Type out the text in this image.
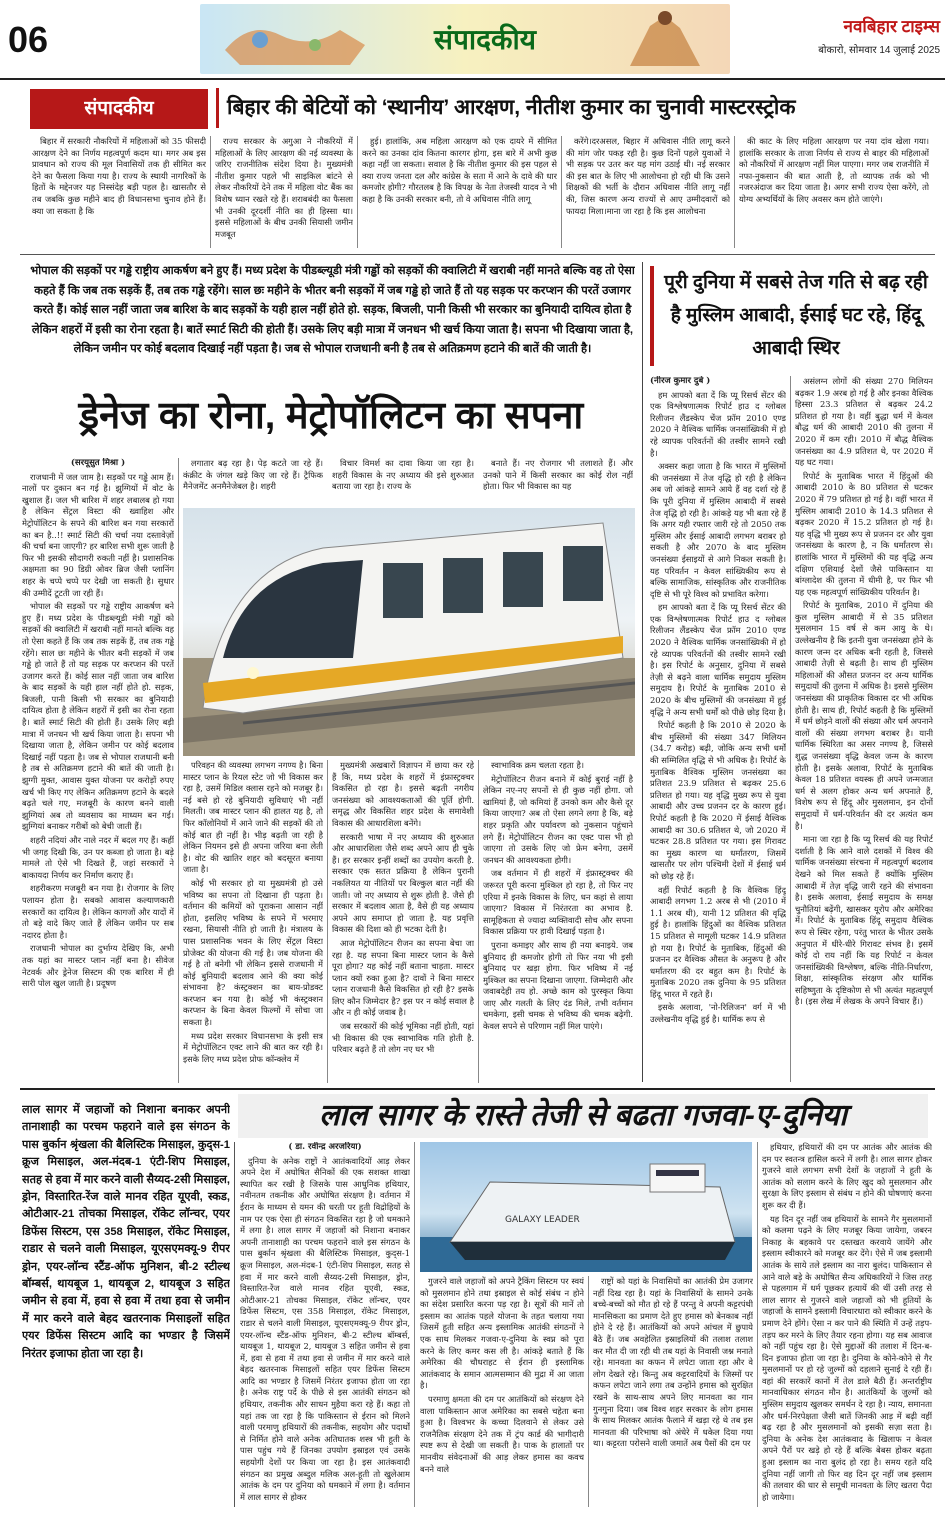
06	संपादकीय	नवबिहार टाइम्स
बोकारो, सोमवार 14 जुलाई 2025
संपादकीय	बिहार की बेटियों को ‘स्थानीय’ आरक्षण, नीतीश कुमार का चुनावी मास्टरस्ट्रोक

बिहार में सरकारी नौकरियों में महिलाओं को 35 फीसदी आरक्षण देने का निर्णय महत्वपूर्ण कदम था। मगर अब इस प्रावधान को राज्य की मूल निवासियों तक ही सीमित कर देने का फैसला किया गया है। राज्य के स्थायी नागरिकों के हितों के मद्देनजर यह निस्संदेह बड़ी पहल है। खासतौर से तब जबकि कुछ महीने बाद ही विधानसभा चुनाव होने हैं।क्या जा सकता है कि

राज्य सरकार के अगुआ ने नौकरियों में महिलाओं के लिए आरक्षण की नई व्यवस्था के जरिए राजनीतिक संदेश दिया है। मुख्यमंत्री नीतीश कुमार पहले भी साइकिल बांटने से लेकर नौकरियों देने तक में महिला वोट बैंक का विशेष ध्यान रखते रहे हैं। शराबबंदी का फैसला भी उनकी दूरदर्शी नीति का ही हिस्सा था। इससे महिलाओं के बीच उनकी सियासी जमीन मजबूत

हुई। हालांकि, अब महिला आरक्षण को एक दायरे में सीमित करने का उनका दांव कितना कारगर होगा, इस बारे में अभी कुछ कहा नहीं जा सकता। सवाल है कि नीतीश कुमार की इस पहल से क्या राज्य जनता दल और कांग्रेस के सता में आने के दावे की धार कमजोर होगी? गौरतलब है कि विपक्ष के नेता तेजस्वी यादव ने भी कहा है कि उनकी सरकार बनी, तो वे अधिवास नीति लागू

करेंगे।दरअसल, बिहार में अधिवास नीति लागू करने की मांग जोर पकड़ रही है। कुछ दिनों पहले युवाओं ने भी सड़क पर उतर कर यह मांग उठाई थी। नई सरकार की इस बात के लिए भी आलोचना हो रही थी कि उसने शिक्षकों की भर्ती के दौरान अधिवास नीति लागू नहीं की, जिस कारण अन्य राज्यों से आए उम्मीदवारों को फायदा मिला।माना जा रहा है कि इस आलोचना

की काट के लिए महिला आरक्षण पर नया दांव खेला गया। हालांकि सरकार के ताजा निर्णय से राज्य से बाहर की महिलाओं को नौकरियों में आरक्षण नहीं मिल पाएगा। मगर जब राजनीति में नफा-नुकसान की बात आती है, तो व्यापक तर्क को भी नजरअंदाज कर दिया जाता है। अगर सभी राज्य ऐसा करेंगे, तो योग्य अभ्यर्थियों के लिए अवसर कम होते जाएंगे।

भोपाल की सड़कों पर गड्ढे राष्ट्रीय आकर्षण बने हुए हैं। मध्य प्रदेश के पीडब्ल्यूडी मंत्री गड्ढों को सड़कों की क्वालिटी में खराबी नहीं मानते बल्कि वह तो ऐसा कहते हैं कि जब तक सड़कें हैं, तब तक गड्ढे रहेंगे। साल छः महीने के भीतर बनी सड़कों में जब गड्ढे हो जाते हैं तो यह सड़क पर करप्शन की परतें उजागर करते हैं। कोई साल नहीं जाता जब बारिश के बाद सड़कों के यही हाल नहीं होते हो. सड़क, बिजली, पानी किसी भी सरकार का बुनियादी दायित्व होता है लेकिन शहरों में इसी का रोना रहता है। बातें स्मार्ट सिटी की होती हैं। उसके लिए बड़ी मात्रा में जनधन भी खर्च किया जाता है। सपना भी दिखाया जाता है, लेकिन जमीन पर कोई बदलाव दिखाई नहीं पड़ता है। जब से भोपाल राजधानी बनी है तब से अतिक्रमण हटाने की बातें की जाती है।
ड्रेनेज का रोना, मेट्रोपॉलिटन का सपना
(सरयूसुत मिश्रा )

राजधानी में जल जाम है। सड़कों पर गड्ढे आम हैं। नालों पर दुकान बन गई है। झुग्गियों में वोट के खुशाल हैं। जल भी बारिश में शहर लबालब हो गया है लेकिन सेंट्रल विस्टा की ख्वाहिश और मेट्रोपॉलिटन के सपने की बारिश बन गया सरकारों का बन है..!! स्मार्ट सिटी की चर्चा नया दस्तावेज़ों की चर्चा बना जाएगी? हर बारिश सभी शुरू जाती है फिर भी इसकी सौदागरी रुकती नहीं है। प्रशासनिक अक्षमता का 90 डिग्री ओवर ब्रिज जैसी प्लानिंग शहर के चप्पे चप्पे पर देखी जा सकती है। सुधार की उम्मीदें टूटती जा रही हैं।

भोपाल की सड़कों पर गड्ढे राष्ट्रीय आकर्षण बने हुए हैं। मध्य प्रदेश के पीडब्ल्यूडी मंत्री गड्ढों को सड़कों की क्वालिटी में खराबी नहीं मानते बल्कि वह तो ऐसा कहते हैं कि जब तक सड़कें हैं, तब तक गड्ढे रहेंगे। साल छः महीने के भीतर बनी सड़कों में जब गड्ढे हो जाते हैं तो यह सड़क पर करप्शन की परतें उजागर करते हैं। कोई साल नहीं जाता जब बारिश के बाद सड़कों के यही हाल नहीं होते हो. सड़क, बिजली, पानी किसी भी सरकार का बुनियादी दायित्व होता है लेकिन शहरों में इसी का रोना रहता है। बातें स्मार्ट सिटी की होती हैं। उसके लिए बड़ी मात्रा में जनधन भी खर्च किया जाता है। सपना भी दिखाया जाता है, लेकिन जमीन पर कोई बदलाव दिखाई नहीं पड़ता है। जब से भोपाल राजधानी बनी है तब से अतिक्रमण हटाने की बातें की जाती है। झुग्गी मुक्त, आवास युक्त योजना पर करोड़ों रुपए खर्च भी किए गए लेकिन अतिक्रमण हटाने के बदले बढ़ते चले गए, मजबूरी के कारण बनने वाली झुग्गियां अब तो व्यवसाय का माध्यम बन गई। झुग्गियां बनाकर गरीबों को बेची जाती हैं।

शहरी नदियां और नाले नदर में बदल गए हैं। कहीं भी जगह दिखी कि, उन पर कब्जा हो जाता है। बड़े मामले तो ऐसे भी दिखते हैं, जहां सरकारों ने बाकायदा निर्णय कर निर्माण कराए हैं।

शहरीकरण मजबूरी बन गया है। रोजगार के लिए पलायन होता है। सबको आवास कल्याणकारी सरकारों का दायित्व है। लेकिन कागजों और यादों में तो बड़े वादे किए जाते हैं लेकिन जमीन पर सब नदारद होता है।

राजधानी भोपाल का दुर्भाग्य देखिए कि, अभी तक यहां का मास्टर प्लान नहीं बना है। सीवेज नेटवर्क और ड्रेनेज सिस्टम की एक बारिश में ही सारी पोल खुल जाती है। प्रदूषण

लगातार बढ़ रहा है। पेड़ कटते जा रहे हैं। कंक्रीट के जंगल खड़े किए जा रहे हैं। ट्रैफिक मैनेजमेंट अनमैनेजेबल है। शहरी

विचार विमर्श का दावा किया जा रहा है। शहरी विकास के नए अध्याय की इसे शुरुआत बताया जा रहा है। राज्य के

बनाते हैं। नए रोजगार भी तलाशते हैं। और उनको पाने में किसी सरकार का कोई रोल नहीं होता। फिर भी विकास का यह

परिवहन की व्यवस्था लगभग नगण्य है। बिना मास्टर प्लान के रियल स्टेट जो भी विकास कर रहा है, उसमें मिडिल क्लास रहने को मजबूर है। नई बसे हो रहे बुनियादी सुविधाएं भी नहीं मिलती। जब मास्टर प्लान की हालत यह है, तो फिर कॉलोनियों में आने जाने की सड़कों की तो कोई बात ही नहीं है। भीड़ बढ़ती जा रही है लेकिन नियमन इसे ही अपना जरिया बना लेती है। वोट की खातिर शहर को बदसूरत बनाया जाता है।

कोई भी सरकार हो या मुख्यमंत्री हो उसे भविष्य का सपना तो दिखाना ही पड़ता है। वर्तमान की कमियों को पूराकना आसान नहीं होता, इसलिए भविष्य के सपने में भरमाए रखना, सियासी नीति हो जाती है। मंत्रालय के पास प्रशासनिक भवन के लिए सेंट्रल विस्टा प्रोजेक्ट की योजना की गई है। जब योजना की गई है तो बनेगी भी लेकिन इससे राजधानी में कोई बुनियादी बदलाव आने की क्या कोई संभावना है? कंस्ट्रक्शन का बाय-प्रोडक्ट करप्शन बन गया है। कोई भी कंस्ट्रक्शन करप्शन के बिना केवल फिल्मों में सोचा जा सकता है।

मध्य प्रदेश सरकार विधानसभा के इसी सत्र में मेट्रोपॉलिटन एक्ट लाने की बात कर रही है। इसके लिए मध्य प्रदेश प्रोफ कॉन्क्लेव में

मुख्यमंत्री अखबारों विज्ञापन में छाया कर रहे हैं कि, मध्य प्रदेश के शहरों में इंफ्रास्ट्रक्चर विकसित हो रहा है। इससे बढ़ती नगरीय जनसंख्या को आवश्यकताओं की पूर्ति होगी. समृद्ध और विकसित शहर प्रदेश के समावेशी विकास की आधारशिला बनेंगे।

सरकारी भाषा में नए अध्याय की शुरुआत और आधारशिला जैसे शब्द अपने आप ही चुके हैं। हर सरकार इन्हीं शब्दों का उपयोग करती है. सरकार एक सतत प्रक्रिया है लेकिन पुरानी नकलियत या नीतियों पर बिल्कुल बात नहीं की जाती। जो नए अध्याय से शुरू होती है. जैसे ही सरकार में बदलाव आता है, वैसे ही यह अध्याय अपने आप समाप्त हो जाता है. यह प्रवृत्ति विकास की दिशा को ही भटका देती है।

आज मेट्रोपॉलिटन रीजन का सपना बेचा जा रहा है. यह सपना बिना मास्टर प्लान के कैसे पूरा होगा? यह कोई नहीं बताना चाहता. मास्टर प्लान क्यों रुका हुआ है? दावों ने बिना मास्टर प्लान राजधानी कैसे विकसित हो रही है? इसके लिए कौन जिम्मेदार है? इस पर न कोई सवाल है और न ही कोई जवाब है।

जब सरकारों की कोई भूमिका नहीं होती, यहां भी विकास की एक स्वाभाविक गति होती है. परिवार बढ़ते हैं तो लोग नए घर भी

स्वाभाविक क्रम चलता रहता है।

मेट्रोपॉलिटन रीजन बनाने में कोई बुराई नहीं है लेकिन नए-नए सपनों से ही कुछ नहीं होगा. जो खामियां हैं, जो कमियां हैं उनको कम और कैसे दूर किया जाएगा? अब तो ऐसा लगने लगा है कि, बड़े शहर प्रकृति और पर्यावरण को नुकसान पहुंचाने लगे हैं। मेट्रोपॉलिटन रीजन का एक्ट पास भी हो जाएगा तो उसके लिए जो फ्रेम बनेगा, उसमें जनधन की आवश्यकता होगी।

जब वर्तमान में ही शहरों में इंफ्रास्ट्रक्चर की जरूरत पूरी करना मुश्किल हो रहा है, तो फिर नए एरिया में इनके विकास के लिए, धन कहां से लाया जाएगा? विकास में निरंतरता का अभाव है. सामूहिकता से ज्यादा व्यक्तिवादी सोच और सपना विकास प्रक्रिया पर हावी दिखाई पड़ता है।

पुराना कमाइए और साथ ही नया बनाइये. जब बुनियाद ही कमजोर होगी तो फिर नया भी इसी बुनियाद पर खड़ा होगा. फिर भविष्य में नई मुश्किल का सपना दिखाना जाएगा. जिम्मेदारी और जवाबदेही तय हो. अच्छे काम को पुरस्कृत किया जाए और गलती के लिए दंड मिले, तभी वर्तमान चमकेगा, इसी चमक से भविष्य की चमक बढ़ेगी. केवल सपने से परिणाम नहीं मिल पाएंगे।

पूरी दुनिया में सबसे तेज गति से बढ़ रही है मुस्लिम आबादी, ईसाई घट रहे, हिंदू आबादी स्थिर
(नीरज कुमार दुबे )

हम आपको बता दें कि प्यू रिसर्च सेंटर की एक विश्लेषणात्मक रिपोर्ट हाउ द ग्लोबल रिलीजन लैंडस्केप चेंज फ्रॉम 2010 एण्ड 2020 ने वैश्विक धार्मिक जनसांख्यिकी में हो रहे व्यापक परिवर्तनों की तस्वीर सामने रखी है।

अक्सर कहा जाता है कि भारत में मुस्लिमों की जनसंख्या में तेज वृद्धि हो रही है लेकिन अब जो आंकड़े सामने आये हैं वह दर्शा रहे हैं कि पूरी दुनिया में मुस्लिम आबादी में सबसे तेज वृद्धि हो रही है। आंकड़े यह भी बता रहे हैं कि अगर यही रफ्तार जारी रहे तो 2050 तक मुस्लिम और ईसाई आबादी लगभग बराबर हो सकती है और 2070 के बाद मुस्लिम जनसंख्या ईसाइयों से आगे निकल सकती है। यह परिवर्तन न केवल सांख्यिकीय रूप से बल्कि सामाजिक, सांस्कृतिक और राजनीतिक दृष्टि से भी पूरे विश्व को प्रभावित करेगा।

हम आपको बता दें कि प्यू रिसर्च सेंटर की एक विश्लेषणात्मक रिपोर्ट हाउ द ग्लोबल रिलीजन लैंडस्केप चेंज फ्रॉम 2010 एण्ड 2020 ने वैश्विक धार्मिक जनसांख्यिकी में हो रहे व्यापक परिवर्तनों की तस्वीर सामने रखी है। इस रिपोर्ट के अनुसार, दुनिया में सबसे तेज़ी से बढ़ने वाला धार्मिक समुदाय मुस्लिम समुदाय है। रिपोर्ट के मुताबिक 2010 से 2020 के बीच मुस्लिमों की जनसंख्या में हुई वृद्धि ने अन्य सभी धर्मों को पीछे छोड़ दिया है।

रिपोर्ट कहती है कि 2010 से 2020 के बीच मुस्लिमों की संख्या 347 मिलियन (34.7 करोड़) बढ़ी, जोकि अन्य सभी धर्मों की सम्मिलित वृद्धि से भी अधिक है। रिपोर्ट के मुताबिक वैश्विक मुस्लिम जनसंख्या का प्रतिशत 23.9 प्रतिशत से बढ़कर 25.6 प्रतिशत हो गया। यह वृद्धि मुख्य रूप से युवा आबादी और उच्च प्रजनन दर के कारण हुई। रिपोर्ट कहती है कि 2020 में ईसाई वैश्विक आबादी का 30.6 प्रतिशत थे, जो 2020 में घटकर 28.8 प्रतिशत पर गया। इस गिरावट का मुख्य कारण था धर्मांतरण, जिसमें खासतौर पर लोग पश्चिमी देशों में ईसाई धर्म को छोड़ रहे हैं।

वहीं रिपोर्ट कहती है कि वैश्विक हिंदू आबादी लगभग 1.2 अरब से भी (2010 में 1.1 अरब थी), यानी 12 प्रतिशत की वृद्धि हुई है। हालांकि हिंदुओं का वैश्विक प्रतिशत 15 प्रतिशत से मामूली घटकर 14.9 प्रतिशत हो गया है। रिपोर्ट के मुताबिक, हिंदुओं की प्रजनन दर वैश्विक औसत के अनुरूप है और धर्मांतरण की दर बहुत कम है। रिपोर्ट के मुताबिक 2020 तक दुनिया के 95 प्रतिशत हिंदू भारत में रहते हैं।

इसके अलावा, 'नो-रिलिजन' वर्ग में भी उल्लेखनीय वृद्धि हुई है। धार्मिक रूप से

असंलग्न लोगों की संख्या 270 मिलियन बढ़कर 1.9 अरब हो गई है और इनका वैश्विक हिस्सा 23.3 प्रतिशत से बढ़कर 24.2 प्रतिशत हो गया है। वहीं बुद्धा धर्म में केवल बौद्ध धर्म की आबादी 2010 की तुलना में 2020 में कम रही। 2010 में बौद्ध वैश्विक जनसंख्या का 4.9 प्रतिशत थे, पर 2020 में यह घट गया।

रिपोर्ट के मुताबिक भारत में हिंदुओं की आबादी 2010 के 80 प्रतिशत से घटकर 2020 में 79 प्रतिशत हो गई है। वहीं भारत में मुस्लिम आबादी 2010 के 14.3 प्रतिशत से बढ़कर 2020 में 15.2 प्रतिशत हो गई है। यह वृद्धि भी मुख्य रूप से प्रजनन दर और युवा जनसंख्या के कारण है, न कि धर्मांतरण से। हालांकि भारत में मुस्लिमों की यह वृद्धि अन्य दक्षिण एशियाई देशों जैसे पाकिस्तान या बांग्लादेश की तुलना में धीमी है, पर फिर भी यह एक महत्वपूर्ण सांख्यिकीय परिवर्तन है।

रिपोर्ट के मुताबिक, 2010 में दुनिया की कुल मुस्लिम आबादी में से 35 प्रतिशत मुसलमान 15 वर्ष से कम आयु के थे। उल्लेखनीय है कि इतनी युवा जनसंख्या होने के कारण जन्म दर अधिक बनी रहती है, जिससे आबादी तेज़ी से बढ़ती है। साथ ही मुस्लिम महिलाओं की औसत प्रजनन दर अन्य धार्मिक समुदायों की तुलना में अधिक है। इससे मुस्लिम जनसंख्या की प्राकृतिक विकास दर भी अधिक होती है। साथ ही, रिपोर्ट कहती है कि मुस्लिमों में धर्म छोड़ने वालों की संख्या और धर्म अपनाने वालों की संख्या लगभग बराबर है। यानी धार्मिक स्थिरिता का असर नगण्य है, जिससे शुद्ध जनसंख्या वृद्धि केवल जन्म के कारण होती है। इसके अलावा, रिपोर्ट के मुताबिक केवल 18 प्रतिशत वयस्क ही अपने जन्मजात धर्म से अलग होकर अन्य धर्म अपनाते हैं, विशेष रूप से हिंदू और मुसलमान, इन दोनों समुदायों में धर्म-परिवर्तन की दर अत्यंत कम है।

माना जा रहा है कि प्यू रिसर्च की यह रिपोर्ट दर्शाती है कि आने वाले दशकों में विश्व की धार्मिक जनसंख्या संरचना में महत्वपूर्ण बदलाव देखने को मिल सकते हैं क्योंकि मुस्लिम आबादी में तेज़ वृद्धि जारी रहने की संभावना है। इसके अलावा, ईसाई समुदाय के समक्ष चुनौतियां बढ़ेंगी, खासकर यूरोप और अमेरिका में। रिपोर्ट के मुताबिक हिंदू समुदाय वैश्विक रूप से स्थिर रहेगा, परंतु भारत के भीतर उसके अनुपात में धीरे-धीरे गिरावट संभव है। इसमें कोई दो राय नहीं कि यह रिपोर्ट न केवल जनसांख्यिकी विश्लेषण, बल्कि नीति-निर्धारण, शिक्षा, सांस्कृतिक संरक्षण और धार्मिक सहिष्णुता के दृष्टिकोण से भी अत्यंत महत्वपूर्ण है। (इस लेख में लेखक के अपने विचार हैं।)

लाल सागर के रास्ते तेजी से बढता गजवा-ए-दुनिया
लाल सागर में जहाजों को निशाना बनाकर अपनी तानाशाही का परचम फहराने वाले इस संगठन के पास बुर्कान श्रृंखला की बैलिस्टिक मिसाइल, कुद्स-1 क्रूज मिसाइल, अल-मंदब-1 एंटी-शिप मिसाइल, सतह से हवा में मार करने वाली सैय्यद-2सी मिसाइल, ड्रोन, विस्तारित-रेंज वाले मानव रहित यूएवी, स्कड, ओटीआर-21 तोचका मिसाइल, रॉकेट लॉन्चर, एयर डिफेंस सिस्टम, एस 358 मिसाइल, रॉकेट मिसाइल, राडार से चलने वाली मिसाइल, यूएसएमक्यू-9 रीपर ड्रोन, एयर-लॉन्च स्टैंड-ऑफ मुनिशन, बी-2 स्टील्थ बॉम्बर्स, थायबूज 1, थायबूज 2, थायबूज 3 सहित जमीन से हवा में, हवा से हवा में तथा हवा से जमीन में मार करने वाले बेहद खतरनाक मिसाइलों सहित एयर डिफेंस सिस्टम आदि का भण्डार है जिसमें निरंतर इजाफा होता जा रहा है।
( डा. रवीन्द्र अरजरिया)

दुनिया के अनेक राष्ट्रों ने आतंकवादियों आड़ लेकर अपने देश में अघोषित सैनिकों की एक सशक्त शाखा स्थापित कर रखी है जिसके पास आधुनिक हथियार, नवीनतम तकनीक और अघोषित संरक्षण है। वर्तमान में ईरान के माध्यम से यमन की धरती पर हूती विद्रोहियों के नाम पर एक ऐसा ही संगठन विकसित रहा है जो धमकाने में लगा है। लाल सागर में जहाजों को निशाना बनाकर अपनी तानाशाही का परचम फहराने वाले इस संगठन के पास बुर्कान श्रृंखला की बैलिस्टिक मिसाइल, कुद्स-1 क्रूज मिसाइल, अल-मंदब-1 एंटी-शिप मिसाइल, सतह से हवा में मार करने वाली सैय्यद-2सी मिसाइल, ड्रोन, विस्तारित-रेंज वाले मानव रहित यूएवी, स्कड, ओटीआर-21 तोचका मिसाइल, रॉकेट लॉन्चर, एयर डिफेंस सिस्टम, एस 358 मिसाइल, रॉकेट मिसाइल, राडार से चलने वाली मिसाइल, यूएसएमक्यू-9 रीपर ड्रोन, एयर-लॉन्च स्टैंड-ऑफ मुनिशन, बी-2 स्टील्थ बॉम्बर्स, थायबूज 1, थायबूज 2, थायबूज 3 सहित जमीन से हवा में, हवा से हवा में तथा हवा से जमीन में मार करने वाले बेहद खतरनाक मिसाइलों सहित एयर डिफेंस सिस्टम आदि का भण्डार है जिसमें निरंतर इजाफा होता जा रहा है। अनेक राष्ट्र पर्दे के पीछे से इस आतंकी संगठन को हथियार, तकनीक और साधन मुहैया करा रहे हैं। कहा तो यहां तक जा रहा है कि पाकिस्तान से ईरान को मिलने वाली परमाणु हथियारों की तकनीक, सहयोग और पदार्थों से निर्मित होने वाले अनेक अतिघातक शस्त्र भी हूती के पास पहुंच गये हैं जिनका उपयोग इस्राइल एवं उसके सहयोगी देशों पर किया जा रहा है। इस आतंकवादी संगठन का प्रमुख अब्दुल मलिक अल-हूती तो खुलेआम आतंक के दम पर दुनिया को धमकाने में लगा है। वर्तमान में लाल सागर से होकर

GALAXY LEADER

गुजरने वाले जहाजों को अपने ट्रैकिंग सिस्टम पर स्वयं को मुसलमान होने तथा इस्राइल से कोई संबंध न होने का संदेश प्रसारित करना पड़ रहा है। सूत्रों की मानें तो इस्लाम का आतंक पहले योजना के तहत चलाया गया जिसमें हूती सहित अन्य इस्लामिक आतंकी संगठनों ने एक साथ मिलकर गजवा-ए-दुनिया के स्वप्न को पूरा करने के लिए कमर कस ली है। आंकड़े बताते हैं कि अमेरिका की चौधराहट से ईरान ही इस्लामिक आतंकवाद के समान आत्मसम्मान की मुद्रा में आ जाता है।

परमाणु क्षमता की दम पर आतंकियों को संरक्षण देने वाला पाकिस्तान आज अमेरिका का सबसे चहेता बना हुआ है। विश्वभर के कच्चा दिलवाने से लेकर उसे राजनैतिक संरक्षण देने तक में ट्रंप कार्ड की भागीदारी स्पष्ट रूप से देखी जा सकती है। पाक के हालातों पर मानवीय संवेदनाओं की आड़ लेकर हमास का कवच बनने वाले

राष्ट्रों को यहां के निवासियों का आतंकी प्रेम उजागर नहीं दिख रहा है। यहां के निवासियों के सामने उनके बच्चे-बच्चों को मौत हो रहे हैं परन्तु वे अपनी कट्टरपंथी मानसिकता का प्रमाण देते हुए हमास को बेनकाब नहीं होने दे रहे हैं। आतंकियों को अपने आंचल में छुपाये बैठे हैं। जब अवहेलित इस्राइलियों की तलाश तलाश कर मौत दी जा रही थी तब यहां के निवासी जश्न मनाते रहे। मानवता का कफन में लपेटा जाता रहा और वे लोग देखते रहे। किन्तु अब कट्टरवादियों के जिस्मों पर कफन लपेटा जाने लगा तब उन्होंने हमास को सुरक्षित रखने के साथ-साथ अपने लिए मानवता का गान गुनगुना दिया। जब विश्व शहर सरकार के लोग हमास के साथ मिलकर आतंक फैलाने में खड़ा रहे थे तब इस मानवता की परिभाषा को अंधेरे में धकेल दिया गया था। कट्टरता परोसने वाली जमातें अब पैसों की दम पर

हथियार, हथियारों की दम पर आतंक और आतंक की दम पर स्वतन्त्र हासिल करने में लगी है। लाल सागर होकर गुजरने वाले लगभग सभी देशों के जहाजों ने हूती के आतंक को सलाम करने के लिए खुद को मुसलमान और सुरक्षा के लिए इस्लाम से संबंध न होने की घोषणाएं करना शुरू कर दी हैं।

यह दिन दूर नहीं जब हथियारों के सामने गैर मुसलमानों को कलमा पढ़ने के लिए मजबूर किया जायेगा, जबरन निकाह के बहकावे पर दस्तखत करवाये जायेंगे और इस्लाम स्वीकारने को मजबूर कर देंगे। ऐसे में जब इस्लामी आतंक के साये तले इस्लाम का नारा बुलंद। पाकिस्तान से आने वाले बड़े के अघोषित सैन्य अधिकारियों ने जिस तरह से पहलगाम में धर्म पूछकर हत्यायें की थीं उसी तरह से लाल सागर से गुजरने वाले जहाजों को भी हूतियों के जहाजों के सामने इस्लामी विचारधारा को स्वीकार करने के प्रमाण देने होंगे। ऐसा न कर पाने की स्थिति में उन्हें तड़प-तड़प कर मरने के लिए तैयार रहना होगा। यह सब आवाज को नहीं पहुंच रहा है। ऐसे मुद्दाओं की तलाश में दिन-ब-दिन इजाफा होता जा रहा है। दुनिया के कोने-कोने से गैर मुसलमानों पर हो रहे जुल्मों को दहलाने सुनाई दे रही हैं। वहां की सरकारें कानों में तेल डाले बैठी हैं। अन्तर्राष्ट्रीय मानवाधिकार संगठन मौन है। आतंकियों के जुल्मों को मुस्लिम समुदाय खुलकर समर्थन दे रहा है। न्याय, समानता और धर्म-निरपेक्षता जैसी बातें जिनकी आड़ में बढ़ी वहीं बढ़ रहा है और मुसलमानों को इसकी सज़ा सता है। दुनिया के अनेक देश आतंकवाद के खिलाफ न केवल अपने पैरों पर खड़े हो रहे हैं बल्कि बेबस होकर बढ़ता हुआ इस्लाम का नारा बुलंद हो रहा है। समय रहते यदि दुनिया नहीं जागी तो फिर वह दिन दूर नहीं जब इस्लाम की तलवार की धार से समूची मानवता के लिए खतरा पैदा हो जायेगा।
